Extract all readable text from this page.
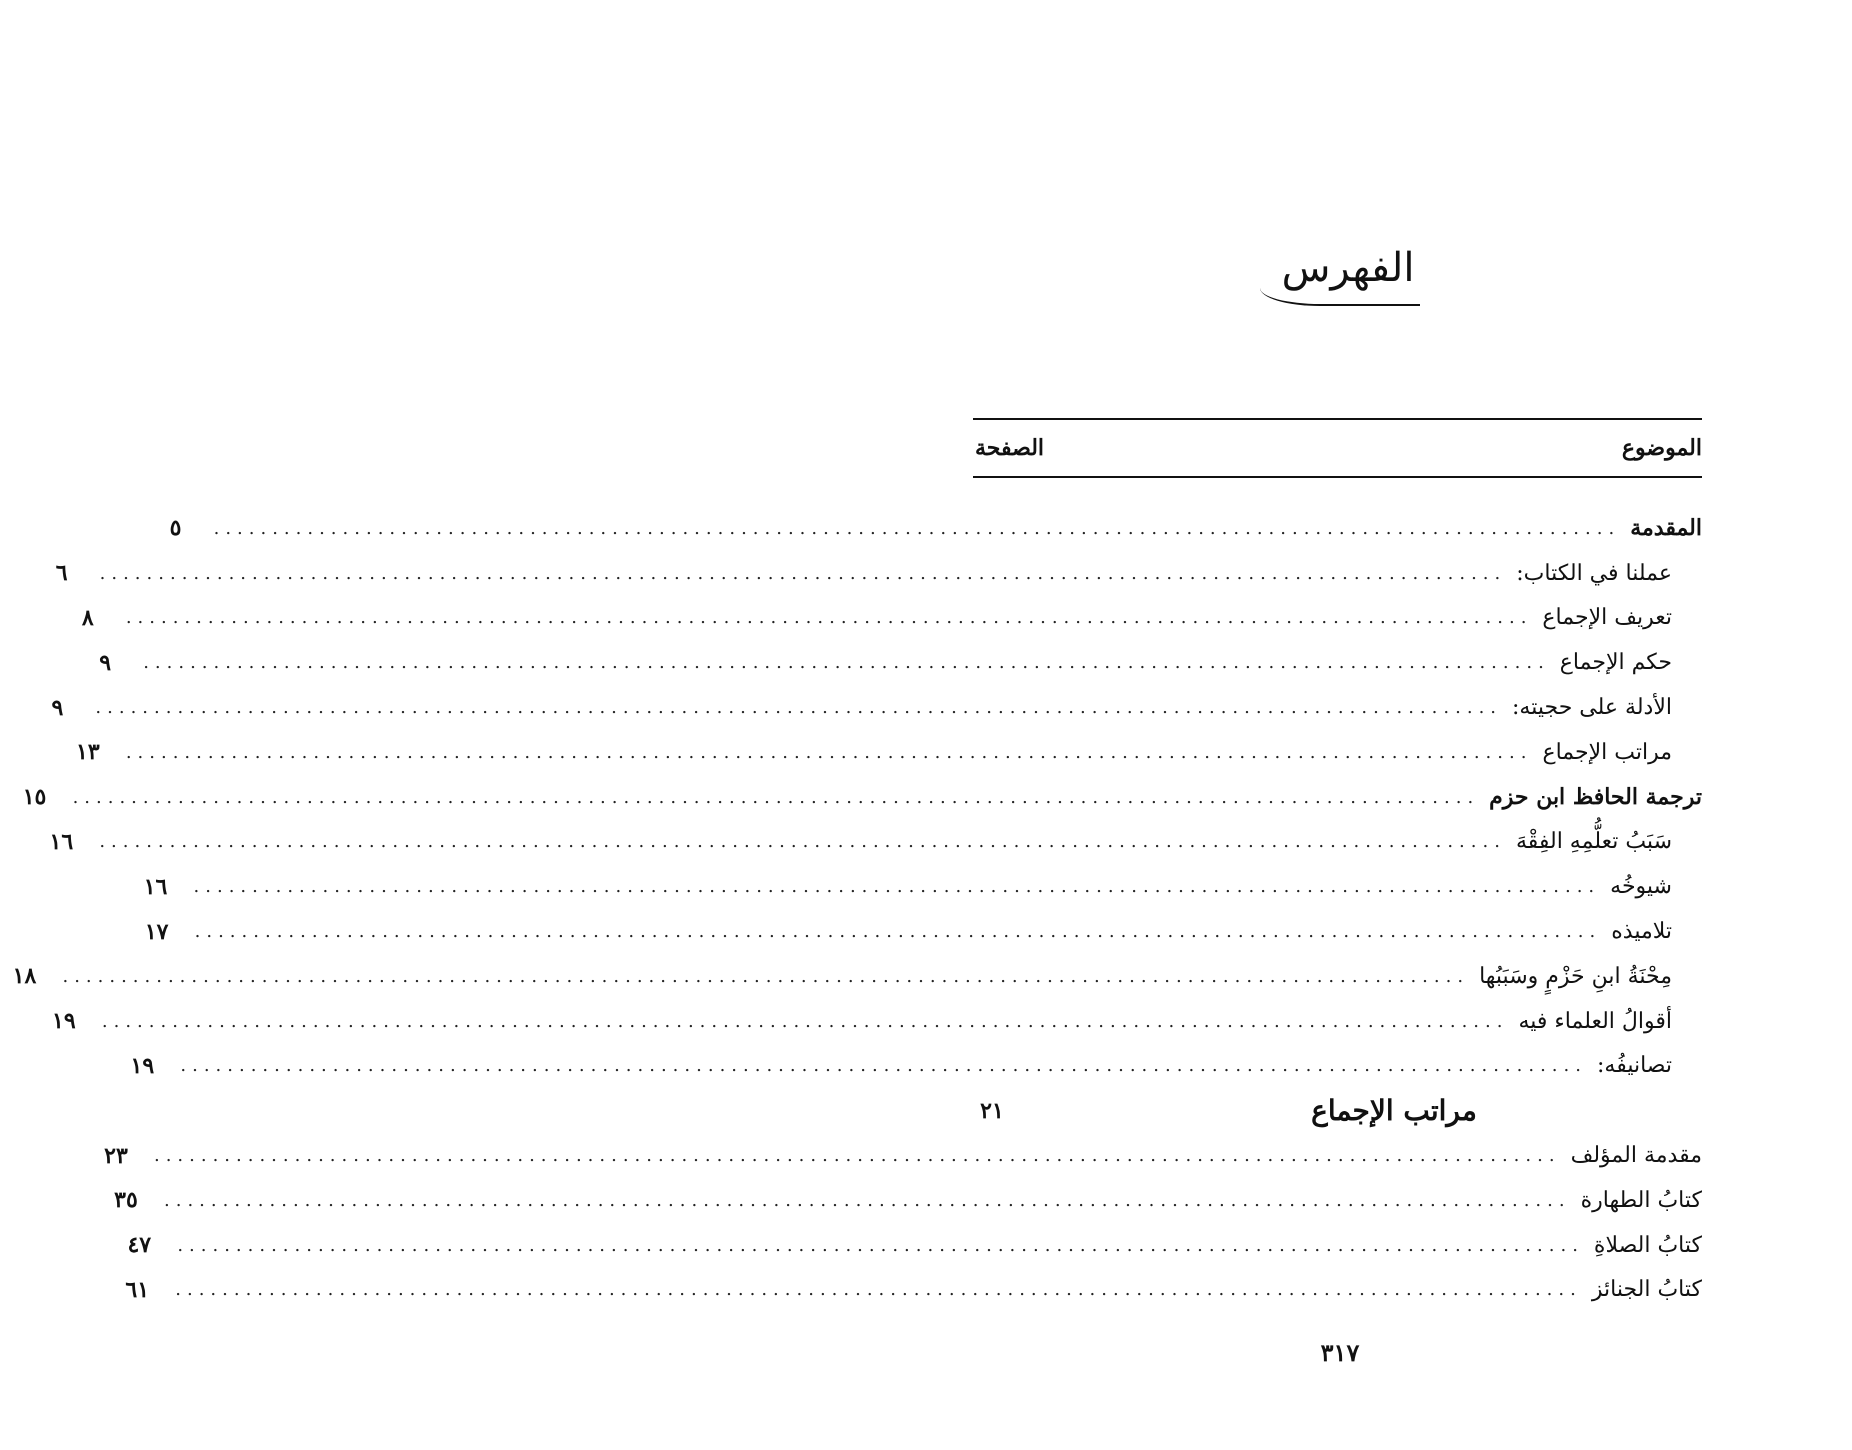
الفهرس
الموضوع
الصفحة
المقدمة
........................................................................................................................
٥
عملنا في الكتاب:
........................................................................................................................
٦
تعريف الإجماع
........................................................................................................................
٨
حكم الإجماع
........................................................................................................................
٩
الأدلة على حجيته:
........................................................................................................................
٩
مراتب الإجماع
........................................................................................................................
١٣
ترجمة الحافظ ابن حزم
........................................................................................................................
١٥
سَبَبُ تعلُّمِهِ الفِقْهَ
........................................................................................................................
١٦
شيوخُه
........................................................................................................................
١٦
تلاميذه
........................................................................................................................
١٧
مِحْنَةُ ابنِ حَزْمٍ وسَبَبُها
........................................................................................................................
١٨
أقوالُ العلماء فيه
........................................................................................................................
١٩
تصانيفُه:
........................................................................................................................
١٩
مراتب الإجماع
٢١
مقدمة المؤلف
........................................................................................................................
٢٣
كتابُ الطهارة
........................................................................................................................
٣٥
كتابُ الصلاةِ
........................................................................................................................
٤٧
كتابُ الجنائز
........................................................................................................................
٦١
٣١٧
